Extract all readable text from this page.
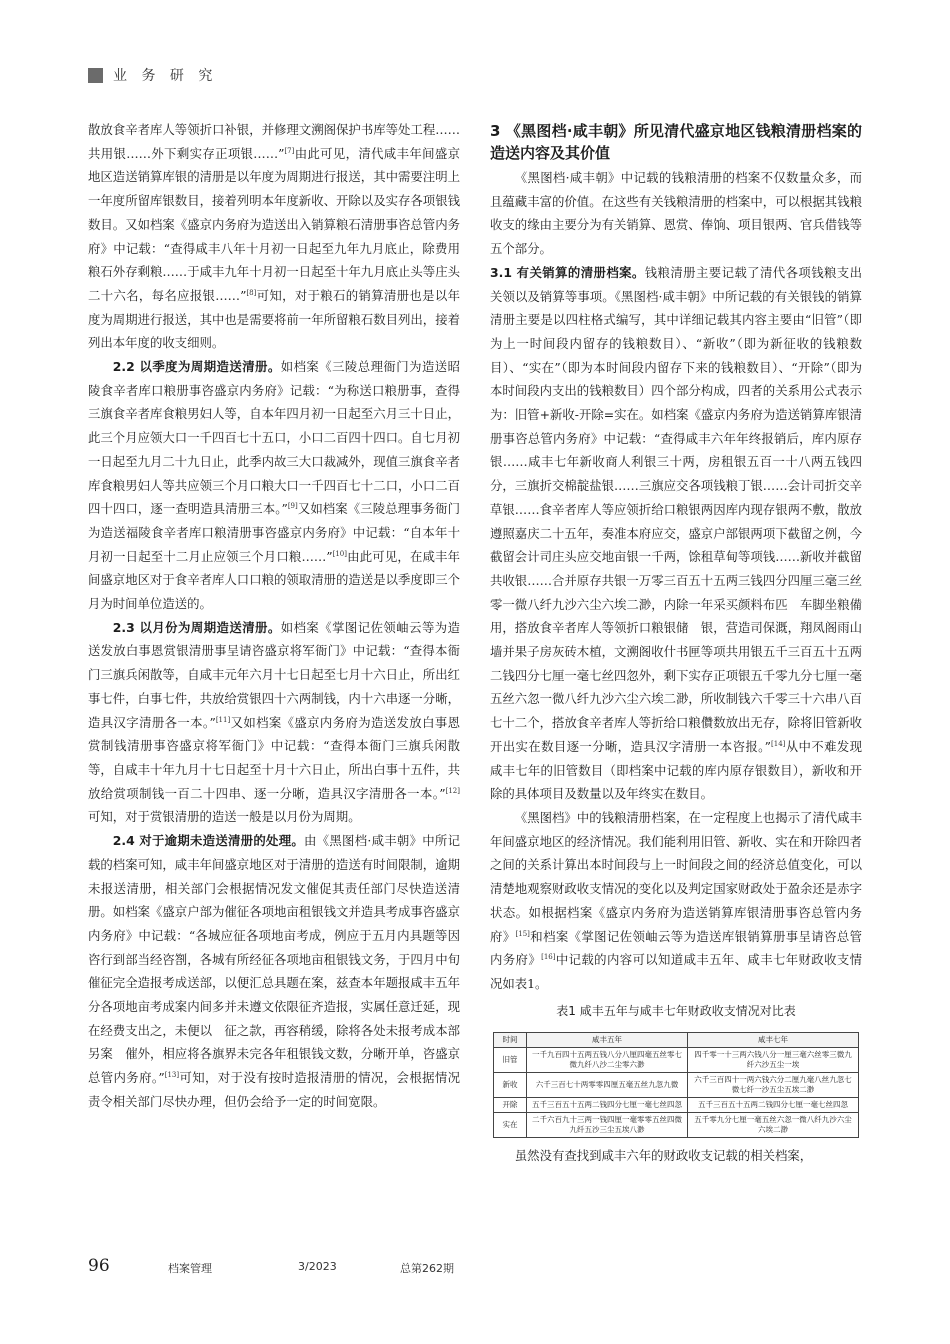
业 务 研 究

散放食辛者库人等领折口补银，并修理文溯阁保护书库等处工程……共用银……外下剩实存正项银……”[7]由此可见，清代咸丰年间盛京地区造送销算库银的清册是以年度为周期进行报送，其中需要注明上一年度所留库银数目，接着列明本年度新收、开除以及实存各项银钱数目。又如档案《盛京内务府为造送出入销算粮石清册事咨总管内务府》中记载：“查得咸丰八年十月初一日起至九年九月底止，除费用粮石外存剩粮……于咸丰九年十月初一日起至十年九月底止头等庄头二十六名，每名应报银……”[8]可知，对于粮石的销算清册也是以年度为周期进行报送，其中也是需要将前一年所留粮石数目列出，接着列出本年度的收支细则。

2.2 以季度为周期造送清册。如档案《三陵总理衙门为造送昭陵食辛者库口粮册事咨盛京内务府》记载：“为称送口粮册事，查得三旗食辛者库食粮男妇人等，自本年四月初一日起至六月三十日止，此三个月应领大口一千四百七十五口，小口二百四十四口。自七月初一日起至九月二十九日止，此季内故三大口裁减外，现值三旗食辛者库食粮男妇人等共应领三个月口粮大口一千四百七十二口，小口二百四十四口，逐一查明造具清册三本。”[9]又如档案《三陵总理事务衙门为造送福陵食辛者库口粮清册事咨盛京内务府》中记载：“自本年十月初一日起至十二月止应领三个月口粮……”[10]由此可见，在咸丰年间盛京地区对于食辛者库人口口粮的领取清册的造送是以季度即三个月为时间单位造送的。

2.3 以月份为周期造送清册。如档案《掌图记佐领岫云等为造送发放白事恩赏银清册事呈请咨盛京将军衙门》中记载：“查得本衙门三旗兵闲散等，自咸丰元年六月十七日起至七月十六日止，所出红事七件，白事七件，共放给赏银四十六两制钱，内十六串逐一分晰，造具汉字清册各一本。”[11]又如档案《盛京内务府为造送发放白事恩赏制钱清册事咨盛京将军衙门》中记载：“查得本衙门三旗兵闲散等，自咸丰十年九月十七日起至十月十六日止，所出白事十五件，共放给赏项制钱一百二十四串、逐一分晰，造具汉字清册各一本。”[12]可知，对于赏银清册的造送一般是以月份为周期。

2.4 对于逾期未造送清册的处理。由《黑图档·咸丰朝》中所记载的档案可知，咸丰年间盛京地区对于清册的造送有时间限制，逾期未报送清册，相关部门会根据情况发文催促其责任部门尽快造送清册。如档案《盛京户部为催征各项地亩租银钱文并造具考成事咨盛京内务府》中记载：“各城应征各项地亩考成，例应于五月内具题等因咨行到部当经咨劄，各城有所经征各项地亩租银钱文务，于四月中旬催征完全造报考成送部，以便汇总具题在案，兹查本年题报咸丰五年分各项地亩考成案内间多并未遵文依限征齐造报，实属任意迁延，现在经费支出之，未便以　征之款，再容稍缓，除将各处未报考成本部另案　催外，相应将各旗界未完各年租银钱文数，分晰开单，咨盛京总管内务府。”[13]可知，对于没有按时造报清册的情况，会根据情况责令相关部门尽快办理，但仍会给予一定的时间宽限。

3 《黑图档·咸丰朝》所见清代盛京地区钱粮清册档案的造送内容及其价值

《黑图档·咸丰朝》中记载的钱粮清册的档案不仅数量众多，而且蕴藏丰富的价值。在这些有关钱粮清册的档案中，可以根据其钱粮收支的缘由主要分为有关销算、恩赏、俸饷、项目银两、官兵借钱等五个部分。

3.1 有关销算的清册档案。钱粮清册主要记载了清代各项钱粮支出关领以及销算等事项。《黑图档·咸丰朝》中所记载的有关银钱的销算清册主要是以四柱格式编写，其中详细记载其内容主要由“旧管”（即为上一时间段内留存的钱粮数目）、“新收”（即为新征收的钱粮数目）、“实在”（即为本时间段内留存下来的钱粮数目）、“开除”（即为本时间段内支出的钱粮数目）四个部分构成，四者的关系用公式表示为：旧管+新收-开除=实在。如档案《盛京内务府为造送销算库银清册事咨总管内务府》中记载：“查得咸丰六年年终报销后，库内原存银……咸丰七年新收商人利银三十两，房租银五百一十八两五钱四分，三旗折交棉靛盐银……三旗应交各项钱粮丁银……会计司折交辛草银……食辛者库人等应领折给口粮银两因库内现存银两不敷，散放遵照嘉庆二十五年，奏准本府应交，盛京户部银两项下截留之例，今截留会计司庄头应交地亩银一千两，馀租草甸等项钱……新收并截留共收银……合并原存共银一万零三百五十五两三钱四分四厘三毫三丝零一微八纤九沙六尘六埃二渺，内除一年采买颜料布匹　车脚坐粮備用，搭放食辛者库人等领折口粮银储　银，营造司保溉，翔凤阁雨山墙并果子房灰砖木植，文溯阁收什书匣等项共用银五千三百五十五两二钱四分七厘一毫七丝四忽外，剩下实存正项银五千零九分七厘一毫五丝六忽一微八纤九沙六尘六埃二渺，所收制钱六千零三十六串八百七十二个，搭放食辛者库人等折给口粮儹数放出无存，除将旧管新收开出实在数目逐一分晰，造具汉字清册一本咨报。”[14]从中不难发现咸丰七年的旧管数目（即档案中记载的库内原存银数目），新收和开除的具体项目及数量以及年终实在数目。

《黑图档》中的钱粮清册档案，在一定程度上也揭示了清代咸丰年间盛京地区的经济情况。我们能利用旧管、新收、实在和开除四者之间的关系计算出本时间段与上一时间段之间的经济总值变化，可以清楚地观察财政收支情况的变化以及判定国家财政处于盈余还是赤字状态。如根据档案《盛京内务府为造送销算库银清册事咨总管内务府》[15]和档案《掌图记佐领岫云等为造送库银销算册事呈请咨总管内务府》[16]中记载的内容可以知道咸丰五年、咸丰七年财政收支情况如表1。

表1 咸丰五年与咸丰七年财政收支情况对比表
时间	咸丰五年	咸丰七年
旧管	一千九百四十五两五钱八分八厘四毫五丝零七微九纤八沙二尘零六渺	四千零一十三两六钱八分一厘三毫六丝零三微九纤六沙五尘一埃
新收	六千三百七十两零零四厘五毫五丝九忽九微	六千三百四十一两六钱六分二厘九毫八丝九忽七微七纤一沙五尘五埃二渺
开除	五千三百五十五两二钱四分七厘一毫七丝四忽	五千三百五十五两二钱四分七厘一毫七丝四忽
实在	二千六百九十三两一钱四厘一毫零零五丝四微九纤五沙三尘五埃八渺	五千零九分七厘一毫五丝六忽一微八纤九沙六尘六埃二渺

虽然没有查找到咸丰六年的财政收支记载的相关档案，

96	档案管理	3/2023	总第262期
